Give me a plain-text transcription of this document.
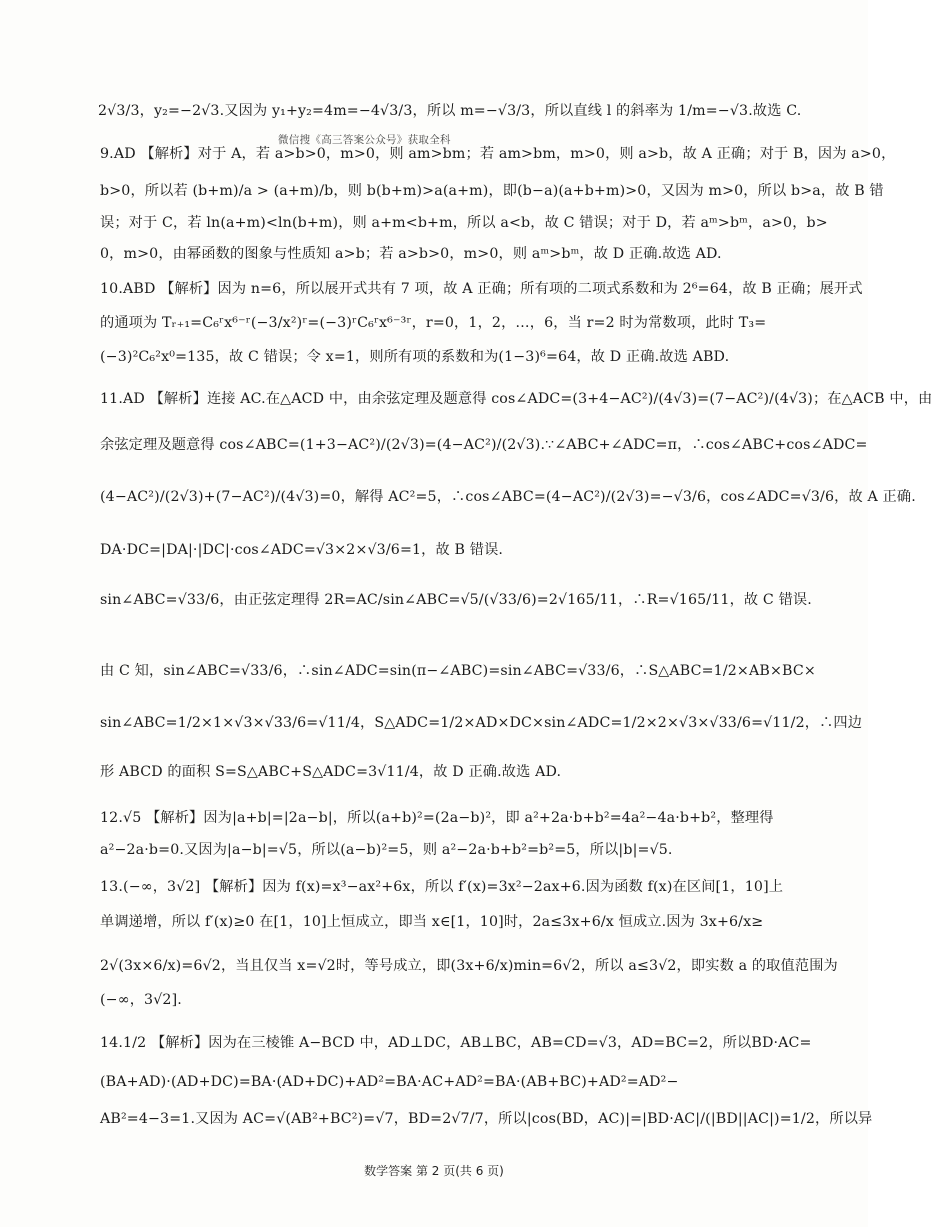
微信搜《高三答案公众号》获取全科
2√3/3，y₂=−2√3.又因为 y₁+y₂=4m=−4√3/3，所以 m=−√3/3，所以直线 l 的斜率为 1/m=−√3.故选 C.
9.AD 【解析】对于 A，若 a>b>0，m>0，则 am>bm；若 am>bm，m>0，则 a>b，故 A 正确；对于 B，因为 a>0，
b>0，所以若 (b+m)/a > (a+m)/b，则 b(b+m)>a(a+m)，即(b−a)(a+b+m)>0，又因为 m>0，所以 b>a，故 B 错
误；对于 C，若 ln(a+m)<ln(b+m)，则 a+m<b+m，所以 a<b，故 C 错误；对于 D，若 aᵐ>bᵐ，a>0，b>
0，m>0，由幂函数的图象与性质知 a>b；若 a>b>0，m>0，则 aᵐ>bᵐ，故 D 正确.故选 AD.
10.ABD 【解析】因为 n=6，所以展开式共有 7 项，故 A 正确；所有项的二项式系数和为 2⁶=64，故 B 正确；展开式
的通项为 Tᵣ₊₁=C₆ʳx⁶⁻ʳ(−3/x²)ʳ=(−3)ʳC₆ʳx⁶⁻³ʳ，r=0，1，2，…，6，当 r=2 时为常数项，此时 T₃=
(−3)²C₆²x⁰=135，故 C 错误；令 x=1，则所有项的系数和为(1−3)⁶=64，故 D 正确.故选 ABD.
11.AD 【解析】连接 AC.在△ACD 中，由余弦定理及题意得 cos∠ADC=(3+4−AC²)/(4√3)=(7−AC²)/(4√3)；在△ACB 中，由
余弦定理及题意得 cos∠ABC=(1+3−AC²)/(2√3)=(4−AC²)/(2√3).∵∠ABC+∠ADC=π，∴cos∠ABC+cos∠ADC=
(4−AC²)/(2√3)+(7−AC²)/(4√3)=0，解得 AC²=5，∴cos∠ABC=(4−AC²)/(2√3)=−√3/6，cos∠ADC=√3/6，故 A 正确.
DA·DC=|DA|·|DC|·cos∠ADC=√3×2×√3/6=1，故 B 错误.
sin∠ABC=√33/6，由正弦定理得 2R=AC/sin∠ABC=√5/(√33/6)=2√165/11，∴R=√165/11，故 C 错误.
由 C 知，sin∠ABC=√33/6，∴sin∠ADC=sin(π−∠ABC)=sin∠ABC=√33/6，∴S△ABC=1/2×AB×BC×
sin∠ABC=1/2×1×√3×√33/6=√11/4，S△ADC=1/2×AD×DC×sin∠ADC=1/2×2×√3×√33/6=√11/2，∴四边
形 ABCD 的面积 S=S△ABC+S△ADC=3√11/4，故 D 正确.故选 AD.
12.√5 【解析】因为|a+b|=|2a−b|，所以(a+b)²=(2a−b)²，即 a²+2a·b+b²=4a²−4a·b+b²，整理得
a²−2a·b=0.又因为|a−b|=√5，所以(a−b)²=5，则 a²−2a·b+b²=b²=5，所以|b|=√5.
13.(−∞，3√2] 【解析】因为 f(x)=x³−ax²+6x，所以 f′(x)=3x²−2ax+6.因为函数 f(x)在区间[1，10]上
单调递增，所以 f′(x)≥0 在[1，10]上恒成立，即当 x∈[1，10]时，2a≤3x+6/x 恒成立.因为 3x+6/x≥
2√(3x×6/x)=6√2，当且仅当 x=√2时，等号成立，即(3x+6/x)min=6√2，所以 a≤3√2，即实数 a 的取值范围为
(−∞，3√2].
14.1/2 【解析】因为在三棱锥 A−BCD 中，AD⊥DC，AB⊥BC，AB=CD=√3，AD=BC=2，所以BD·AC=
(BA+AD)·(AD+DC)=BA·(AD+DC)+AD²=BA·AC+AD²=BA·(AB+BC)+AD²=AD²−
AB²=4−3=1.又因为 AC=√(AB²+BC²)=√7，BD=2√7/7，所以|cos(BD，AC)|=|BD·AC|/(|BD||AC|)=1/2，所以异
数学答案 第 2 页(共 6 页)
